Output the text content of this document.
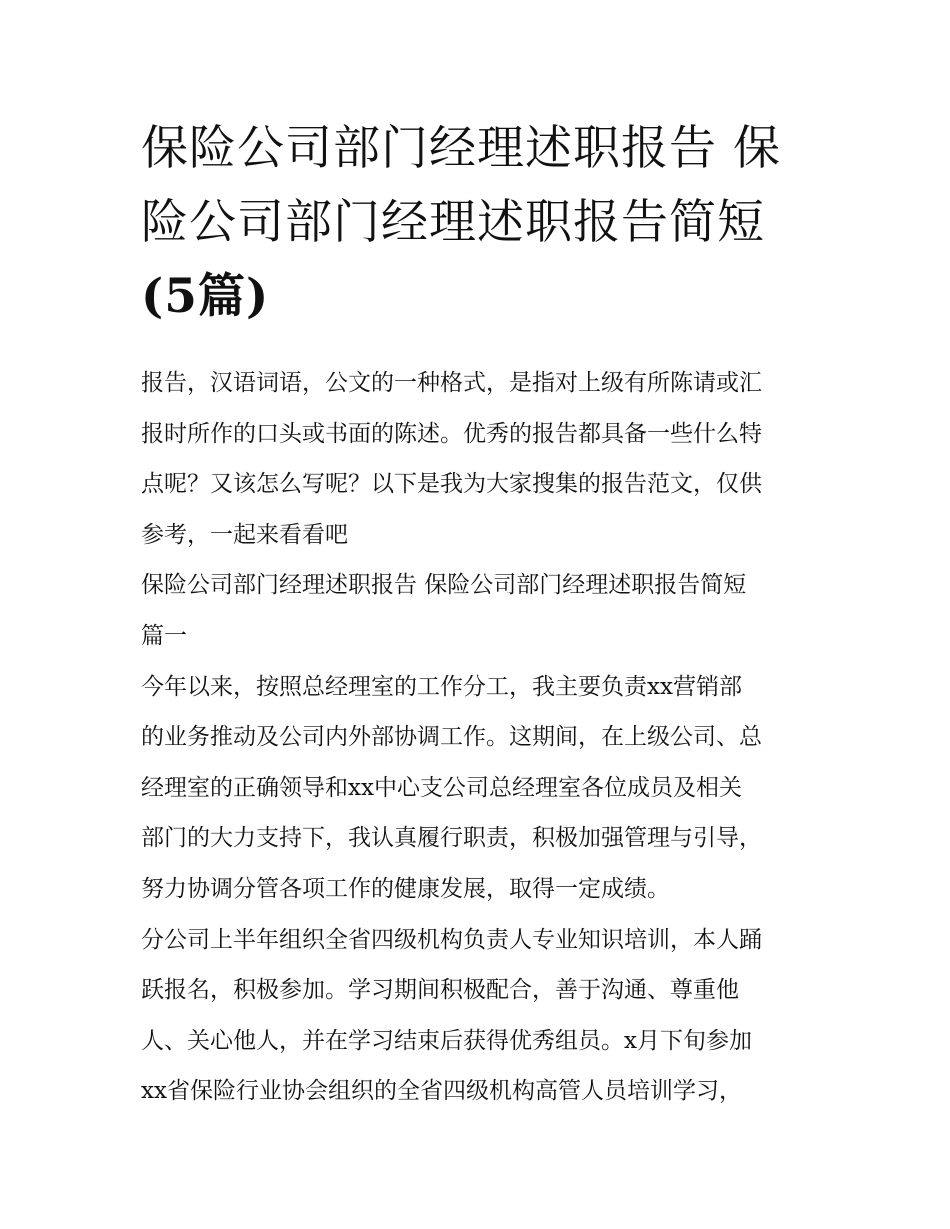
保险公司部门经理述职报告 保
险公司部门经理述职报告简短
(5篇)

报告，汉语词语，公文的一种格式，是指对上级有所陈请或汇

报时所作的口头或书面的陈述。优秀的报告都具备一些什么特

点呢？又该怎么写呢？以下是我为大家搜集的报告范文，仅供

参考，一起来看看吧

保险公司部门经理述职报告 保险公司部门经理述职报告简短

篇一

今年以来，按照总经理室的工作分工，我主要负责xx营销部

的业务推动及公司内外部协调工作。这期间，在上级公司、总

经理室的正确领导和xx中心支公司总经理室各位成员及相关

部门的大力支持下，我认真履行职责，积极加强管理与引导，

努力协调分管各项工作的健康发展，取得一定成绩。

分公司上半年组织全省四级机构负责人专业知识培训，本人踊

跃报名，积极参加。学习期间积极配合，善于沟通、尊重他

人、关心他人，并在学习结束后获得优秀组员。x月下旬参加

xx省保险行业协会组织的全省四级机构高管人员培训学习，
